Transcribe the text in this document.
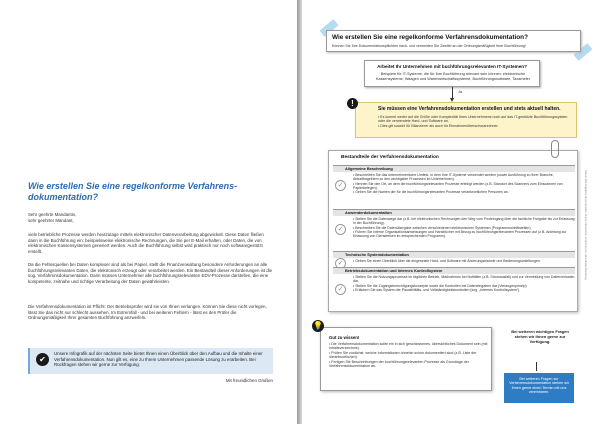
Wie erstellen Sie eine regelkonforme Verfahrens-dokumentation?
Sehr geehrte Mandantin,
sehr geehrter Mandant,
viele betriebliche Prozesse werden heutzutage mittels elektronischer Datenverarbeitung abgewickelt. Diese Daten fließen dann in die Buchführung ein: beispielsweise elektronische Rechnungen, die Sie per E-Mail erhalten, oder Daten, die von elektronischen Kassensystemen generiert werden. Auch die Buchführung selbst wird praktisch nur noch softwaregestützt erstellt.
Da die Fehlerquellen bei Daten komplexer sind als bei Papier, stellt die Finanzverwaltung besondere Anforderungen an alle buchführungsrelevanten Daten, die elektronisch erzeugt oder verarbeitet werden. Ein Bestandteil dieser Anforderungen ist die sog. Verfahrensdokumentation. Darin müssen Unternehmer alle buchführungsrelevanten EDV-Prozesse darstellen, die eine kompetente, zeitnahe und richtige Verarbeitung der Daten gewährleisten.
Die Verfahrensdokumentation ist Pflicht: Der Betriebsprüfer wird sie von Ihnen verlangen. Können Sie diese nicht vorlegen, lässt Sie das nicht nur schlecht aussehen. Im Extremfall - und bei weiteren Fehlern - lässt es den Prüfer die Ordnungsmäßigkeit Ihrer gesamten Buchführung anzweifeln.
✔
Unsere Infografik auf der nächsten Seite bietet Ihnen einen Überblick über den Aufbau und die Inhalte einer Verfahrensdokumentation. Nun gilt es, eine zu Ihrem Unternehmen passende Lösung zu erarbeiten. Bei Rückfragen stehen wir gerne zur Verfügung.
Mit freundlichen Grüßen
Wie erstellen Sie eine regelkonforme Verfahrensdokumentation?
Können Sie Ihre Dokumentationspflichten nach- und vermeiden Sie Zweifel an der Ordnungsmäßigkeit Ihrer Buchführung!
Arbeitet Ihr Unternehmen mit buchführungsrelevanten IT-Systemen?
Beispiele für IT-Systeme, die für Ihre Buchführung relevant sein können: elektronische Kassensysteme, Waagen und Warenwirtschaftssysteme, Buchführungssoftware, Taxameter
Ja
Sie müssen eine Verfahrensdokumentation erstellen und stets aktuell halten.
• Es kommt weder auf die Größe oder Komplexität Ihres Unternehmens noch auf das IT-gestützte Buchführungssystem oder die verwendete Hard- und Software an.
• Dies gilt sowohl für Bilanzierer als auch für Einnahmenüberschussrechner.
!
Bestandteile der Verfahrensdokumentation
Allgemeine Beschreibung
✓
• Beschreiben Sie das unternehmerische Umfeld, in dem Ihre IT-Systeme verwendet werden (sowie Ausführung zu Ihrer Branche, Abbaltbagetriem zu den wichtigsten Prozessen im Unternehmen).
• Nennen Sie den Ort, an dem die buchführungsrelevanten Prozesse erledigt werden (z.B. Standort des Scanners zum Einscannen von Papierbelegen).
• Geben Sie die Namen der für die buchführungsrelevanten Prozesse verantwortlichen Personen an.
Anwenderdokumentation
✓
• Stellen Sie die Datenwege dar (z.B. bei elektronischen Rechnungen den Weg vom Posteingang über die fachliche Freigabe bis zur Erfassung in der Buchführung).
• Beschreiben Sie die Datenübergabe zwischen verschiedenen elektronischen Systemen (Programmschnittstellen).
• Führen Sie interne Organisationsanweisungen und Handbücher mit Bezug zu buchführungsrelevanten Prozessen auf (z.B. Anleitung zur Erfassung von Dienstreisen im entsprechenden Programm).
Technische Systemdokumentation
✓	• Geben Sie einen Überblick über die eingesetzte Hard- und Software mit Änderungshistorie und Bedienungsanleitungen.
Betriebsdokumentation und Internes Kontrollsystem
✓
• Stellen Sie die Nutzungsprozesse im täglichen Betrieb, Maßnahmen bei Notfällen (z.B. Stromausfall) und zur Vermeidung von Datenverlusten dar.
• Stellen Sie die Zugangsberechtigungskonzepte sowie die Kontrollen bei Dateneingaben dar (Vieraugenprinzip).
• Erläutern Sie das System der Plausibilitäts- und Vollständigkeitskontrollen (sog. „Internes Kontrollsystem“).
Gut zu wissen!
• Die Verfahrensdokumentation sollte ein in sich geschlossenes, übersichtliches Dokument sein (mit Inhaltsverzeichnis).
• Prüfen Sie zunächst, welche Informationen ohnehin schon dokumentiert sind (z.B. Liste der Verantwortlichen).
• Fertigen Sie Beschreibungen der buchführungsrelevanten Prozesse als Grundlage der Verfahrensdokumentation an.
💡
Bei weiteren wichtigen Fragen stehen wir Ihnen gerne zur Verfügung.
Bei weiteren Fragen zur Verfahrensdokumentation stehen wir Ihnen gerne einen Termin mit uns vereinbaren.
Stand: Alle Angaben ohne Gewähr. Diese Information ersetzt keine individuelle Beratung.
